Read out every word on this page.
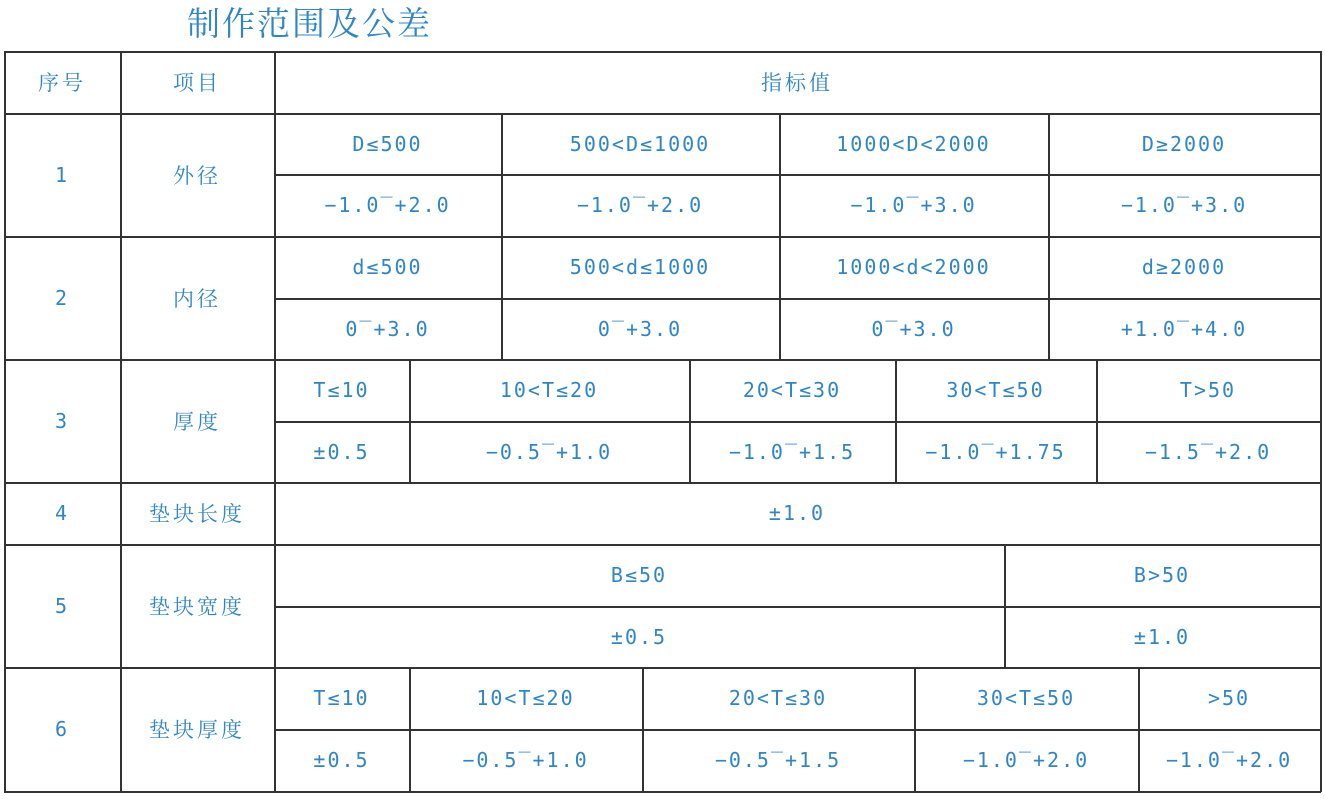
制作范围及公差
序号	项目	指标值
1	外径
D≤500	500<D≤1000	1000<D<2000	D≥2000
−1.0‾+2.0	−1.0‾+2.0	−1.0‾+3.0	−1.0‾+3.0
2	内径
d≤500	500<d≤1000	1000<d<2000	d≥2000
0‾+3.0	0‾+3.0	0‾+3.0	+1.0‾+4.0
3	厚度
T≤10	10<T≤20	20<T≤30	30<T≤50	T>50
±0.5	−0.5‾+1.0	−1.0‾+1.5	−1.0‾+1.75	−1.5‾+2.0
4	垫块长度	±1.0
5	垫块宽度
B≤50	B>50
±0.5	±1.0
6	垫块厚度
T≤10	10<T≤20	20<T≤30	30<T≤50	>50
±0.5	−0.5‾+1.0	−0.5‾+1.5	−1.0‾+2.0	−1.0‾+2.0
